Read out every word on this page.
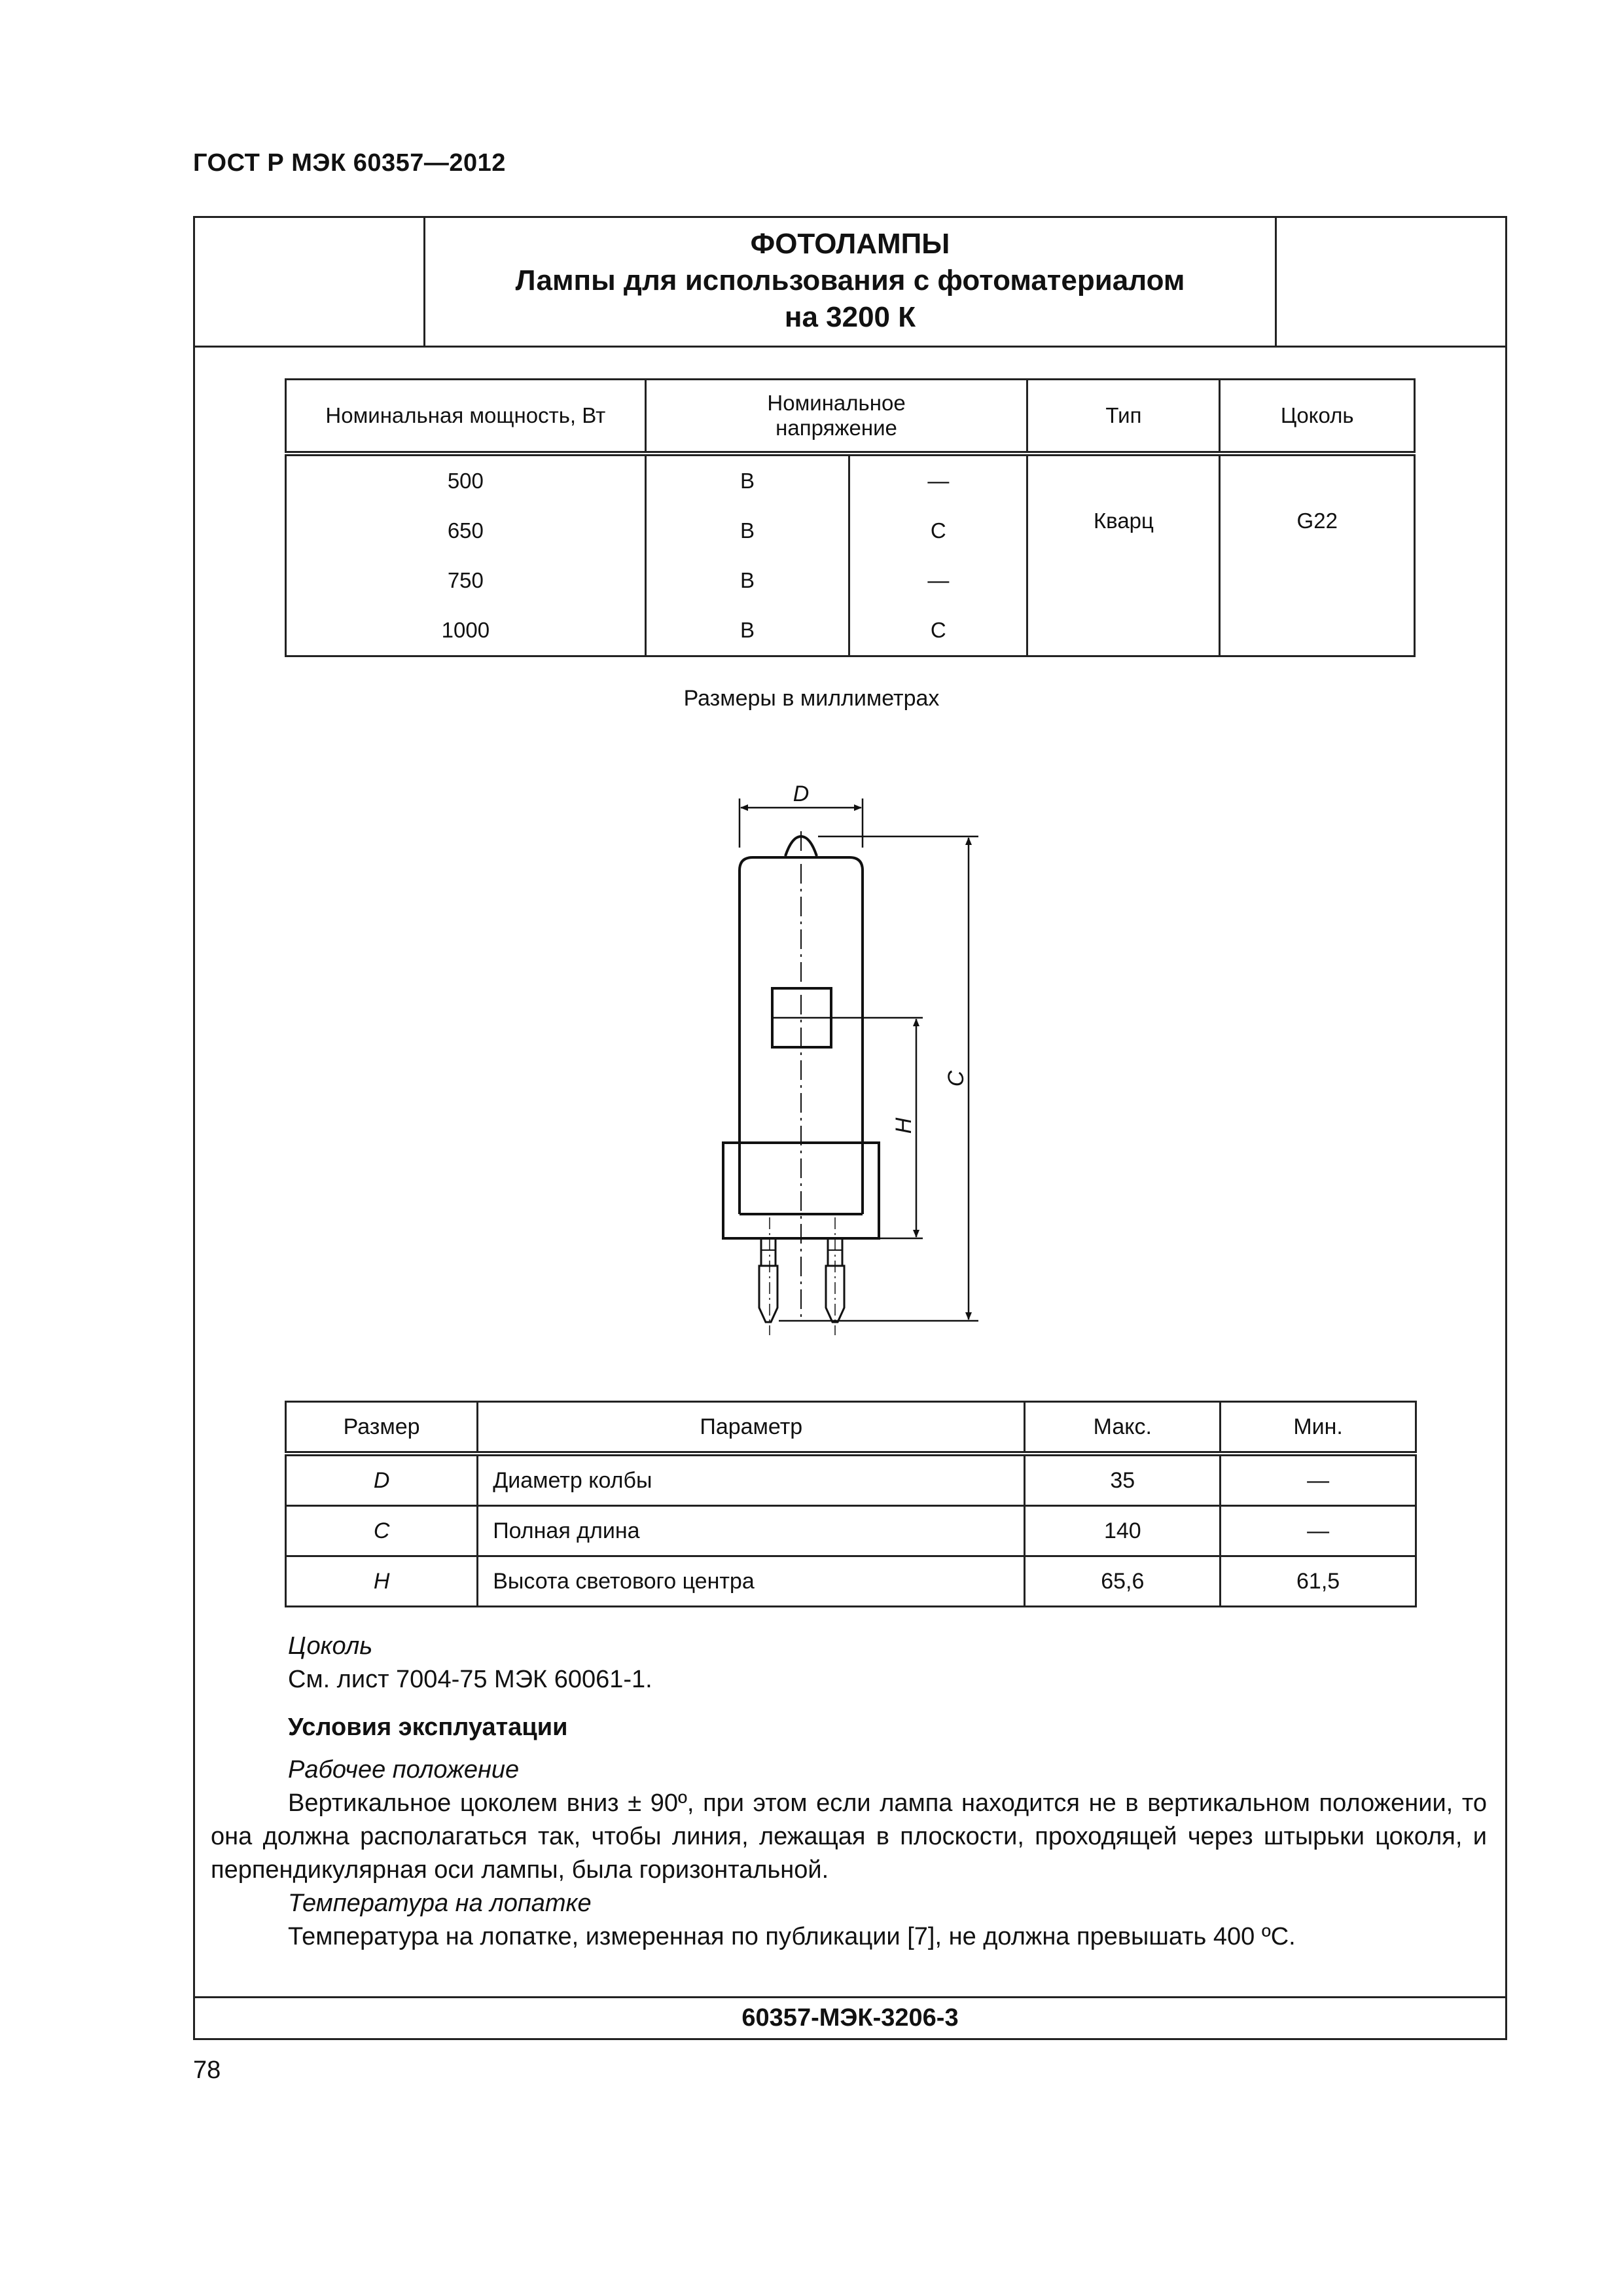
ГОСТ Р МЭК 60357—2012
ФОТОЛАМПЫ
Лампы для использования с фотоматериалом
на 3200 К
60357-МЭК-3206-3
Номинальная мощность, Вт	Номинальное напряжение		Тип	Цоколь
500	В	—	Кварц	G22
650	В	С		
750	В	—		
1000	В	С		
Размеры в миллиметрах
D
H
C
Размер	Параметр	Макс.	Мин.
D	Диаметр колбы	35	—
C	Полная длина	140	—
H	Высота светового центра	65,6	61,5

Цоколь

См. лист 7004-75 МЭК 60061-1.

Условия эксплуатации

Рабочее положение

Вертикальное цоколем вниз ± 90º, при этом если лампа находится не в вертикальном положении, то она должна располагаться так, чтобы линия, лежащая в плоскости, проходящей через штырьки цоколя, и перпендикулярная оси лампы, была горизонтальной.

Температура на лопатке

Температура на лопатке, измеренная по публикации [7], не должна превышать 400 ºС.

78
